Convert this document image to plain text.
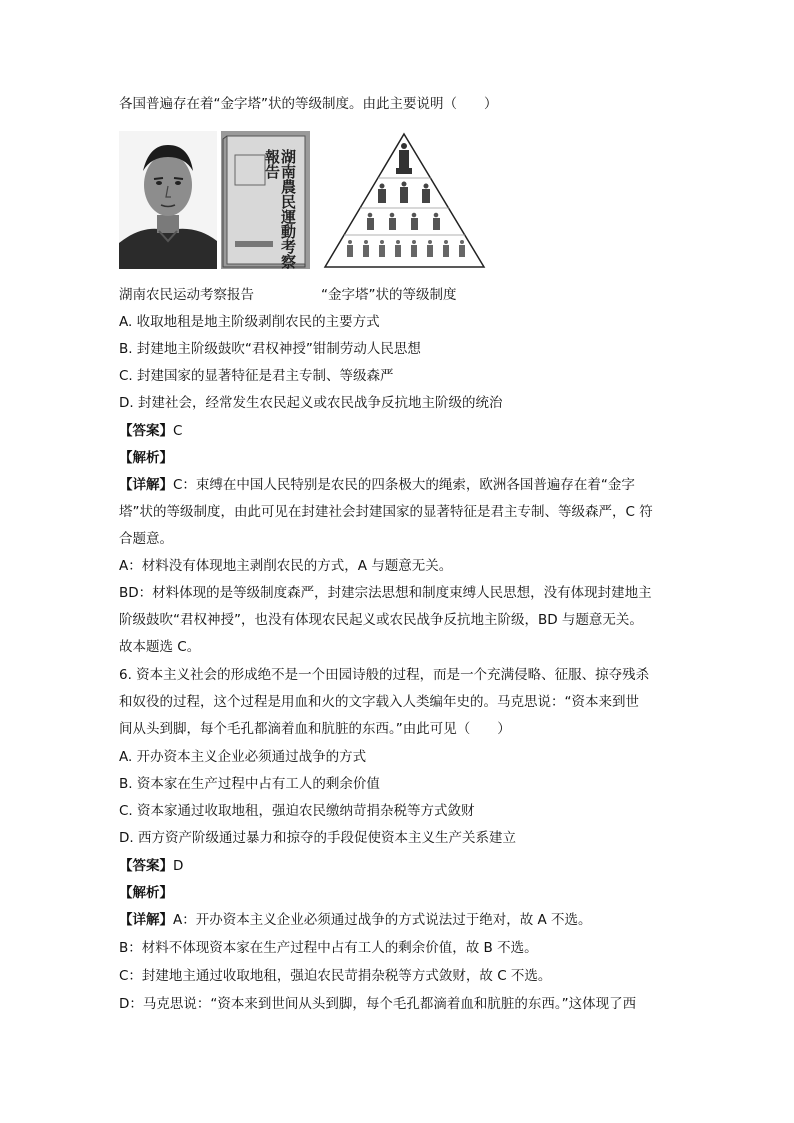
各国普遍存在着“金字塔”状的等级制度。由此主要说明（　　）
湖南農民運動考察報告
湖南农民运动考察报告	“金字塔”状的等级制度
A. 收取地租是地主阶级剥削农民的主要方式
B. 封建地主阶级鼓吹“君权神授”钳制劳动人民思想
C. 封建国家的显著特征是君主专制、等级森严
D. 封建社会，经常发生农民起义或农民战争反抗地主阶级的统治
【答案】C
【解析】
【详解】C：束缚在中国人民特别是农民的四条极大的绳索，欧洲各国普遍存在着“金字
塔”状的等级制度，由此可见在封建社会封建国家的显著特征是君主专制、等级森严，C 符
合题意。
A：材料没有体现地主剥削农民的方式，A 与题意无关。
BD：材料体现的是等级制度森严，封建宗法思想和制度束缚人民思想，没有体现封建地主
阶级鼓吹“君权神授”，也没有体现农民起义或农民战争反抗地主阶级，BD 与题意无关。
故本题选 C。
6. 资本主义社会的形成绝不是一个田园诗般的过程，而是一个充满侵略、征服、掠夺残杀
和奴役的过程，这个过程是用血和火的文字载入人类编年史的。马克思说：“资本来到世
间从头到脚，每个毛孔都滴着血和肮脏的东西。”由此可见（　　）
A. 开办资本主义企业必须通过战争的方式
B. 资本家在生产过程中占有工人的剩余价值
C. 资本家通过收取地租，强迫农民缴纳苛捐杂税等方式敛财
D. 西方资产阶级通过暴力和掠夺的手段促使资本主义生产关系建立
【答案】D
【解析】
【详解】A：开办资本主义企业必须通过战争的方式说法过于绝对，故 A 不选。
B：材料不体现资本家在生产过程中占有工人的剩余价值，故 B 不选。
C：封建地主通过收取地租，强迫农民苛捐杂税等方式敛财，故 C 不选。
D：马克思说：“资本来到世间从头到脚，每个毛孔都滴着血和肮脏的东西。”这体现了西
